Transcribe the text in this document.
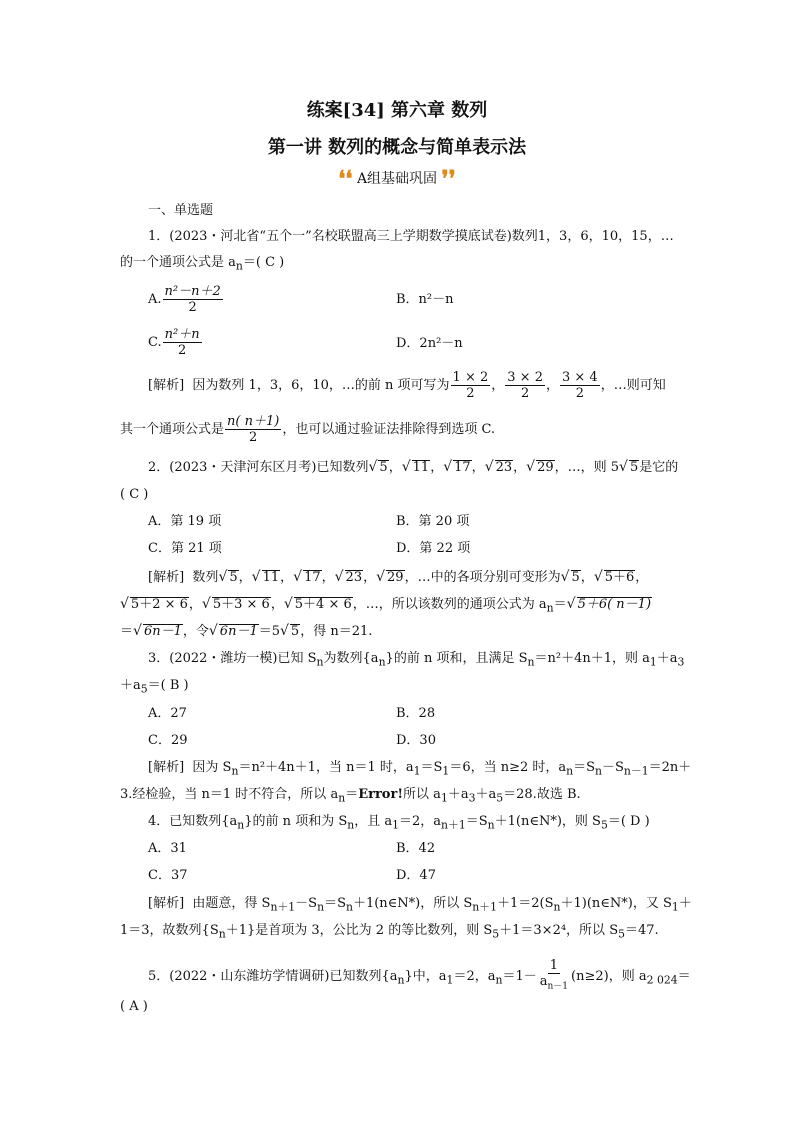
练案[34] 第六章 数列
第一讲 数列的概念与简单表示法
❛❛ A组基础巩固 ❜❜
一、单选题
1．(2023・河北省“五个一”名校联盟高三上学期数学摸底试卷)数列1，3，6，10，15，…
的一个通项公式是 $a_n=$( C )
A. $\frac{\text{n²－n＋2}}{2}$	B．n²－n
C. $\frac{\text{n²＋n}}{2}$	D．2n²－n
[解析] 因为数列 1，3，6，10，…的前 n 项可写为 $\frac{1 \times 2}{2}$ ， $\frac{3 \times 2}{2}$ ， $\frac{3 \times 4}{2}$ ，…则可知
其一个通项公式是 $\frac{n( n+1)}{2}$ ，也可以通过验证法排除得到选项 C.
2．(2023・天津河东区月考)已知数列√ 5，√ 11，√ 17，√ 23，√ 29，…，则 5√ 5是它的
( C )
A．第 19 项	B．第 20 项
C．第 21 项	D．第 22 项
[解析] 数列√ 5，√ 11，√ 17，√ 23，√ 29，…中的各项分别可变形为√ 5，√ 5＋6，
√ 5＋2 × 6，√ 5＋3 × 6，√ 5＋4 × 6，…，所以该数列的通项公式为 $a_n=√$ 5＋6( n－1)
＝√ 6n－1，令√ 6n－1＝5√ 5，得 n＝21.
3．(2022・潍坊一模)已知 $S_n$为数列$\{a_n\}$的前 n 项和，且满足 $S_n=n^2+4n+1$，则 $a_1+a_3$
$+a_5=$( B )
A．27	B．28
C．29	D．30
[解析] 因为 $S_n=n^2+4n+1$，当 n＝1 时，$a_1=S_1=6$，当 n≥2 时，$a_n=S_n-S_{n-1}=2n+$
3.经检验，当 n＝1 时不符合，所以 $a_n=Error$!所以 $a_1+a_3+a_5=28$.故选 B.
4．已知数列$\{a_n\}$的前 n 项和为 $S_n$，且 $a_1=2$，$a_{n+1}=S_n+1(n\in N*)$，则 $S_5=$( D )
A．31	B．42
C．37	D．47
[解析] 由题意，得 $S_{n+1}-S_n=S_n+1(n\in N*)$，所以 $S_{n+1}+1=2(S_n+1)(n\in N*)$，又 $S_1+$
1＝3，故数列$\{S_n+1\}$是首项为 3，公比为 2 的等比数列，则 $S_5+1=3\times 2^4$，所以 $S_5=47$.
5．(2022・山东潍坊学情调研)已知数列$\{a_n\}$中，$a_1=2$，$a_n=1- \frac{1}{a_{n-1}} (n\ge 2)$，则 $a_{2 024}=$
( A )
